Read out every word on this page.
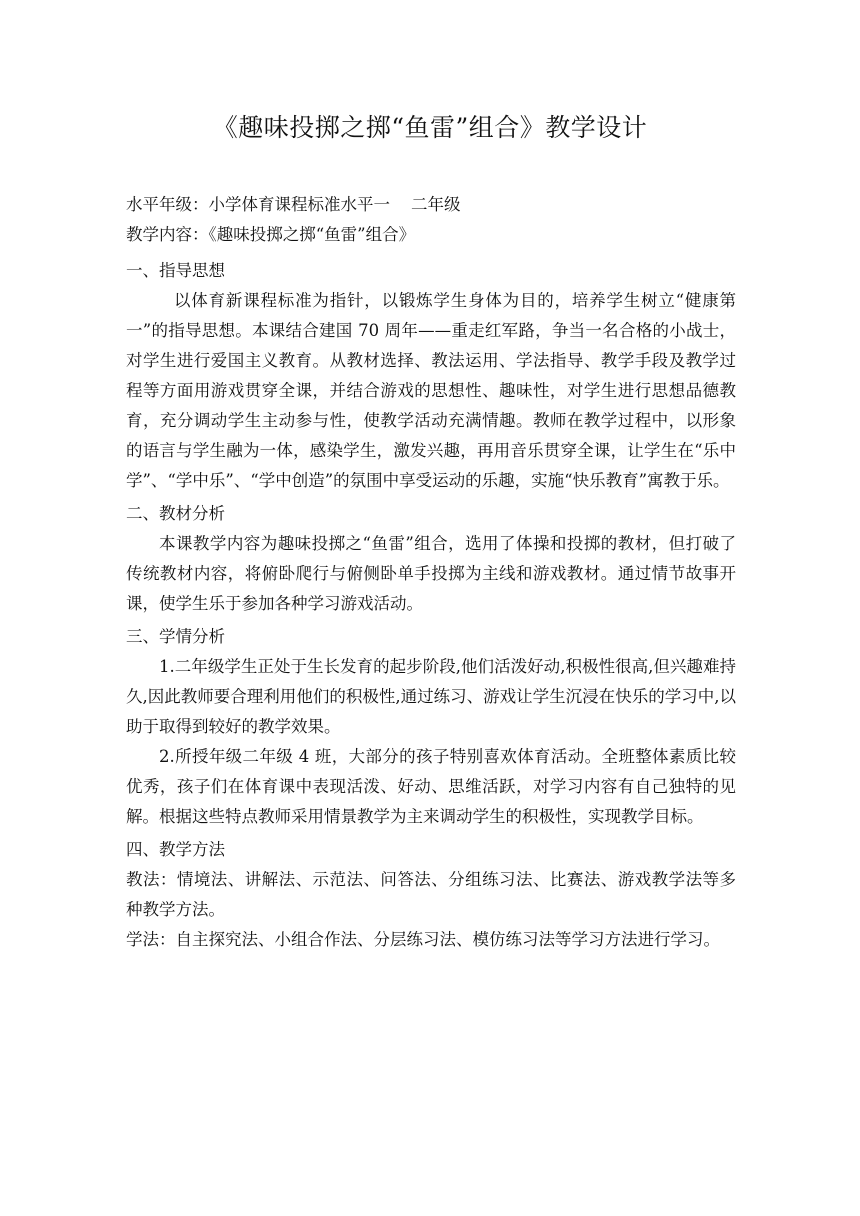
《趣味投掷之掷“鱼雷”组合》教学设计

水平年级：小学体育课程标准水平一    二年级

教学内容：《趣味投掷之掷“鱼雷”组合》

一、指导思想

以体育新课程标准为指针，以锻炼学生身体为目的，培养学生树立“健康第一”的指导思想。本课结合建国 70 周年——重走红军路，争当一名合格的小战士，对学生进行爱国主义教育。从教材选择、教法运用、学法指导、教学手段及教学过程等方面用游戏贯穿全课，并结合游戏的思想性、趣味性，对学生进行思想品德教育，充分调动学生主动参与性，使教学活动充满情趣。教师在教学过程中，以形象的语言与学生融为一体，感染学生，激发兴趣，再用音乐贯穿全课，让学生在“乐中学”、“学中乐”、“学中创造”的氛围中享受运动的乐趣，实施“快乐教育”寓教于乐。

二、教材分析

本课教学内容为趣味投掷之“鱼雷”组合，选用了体操和投掷的教材，但打破了传统教材内容，将俯卧爬行与俯侧卧单手投掷为主线和游戏教材。通过情节故事开课，使学生乐于参加各种学习游戏活动。

三、学情分析

1.二年级学生正处于生长发育的起步阶段,他们活泼好动,积极性很高,但兴趣难持久,因此教师要合理利用他们的积极性,通过练习、游戏让学生沉浸在快乐的学习中,以助于取得到较好的教学效果。

2.所授年级二年级 4 班，大部分的孩子特别喜欢体育活动。全班整体素质比较优秀，孩子们在体育课中表现活泼、好动、思维活跃，对学习内容有自己独特的见解。根据这些特点教师采用情景教学为主来调动学生的积极性，实现教学目标。

四、教学方法

教法：情境法、讲解法、示范法、问答法、分组练习法、比赛法、游戏教学法等多种教学方法。

学法：自主探究法、小组合作法、分层练习法、模仿练习法等学习方法进行学习。
